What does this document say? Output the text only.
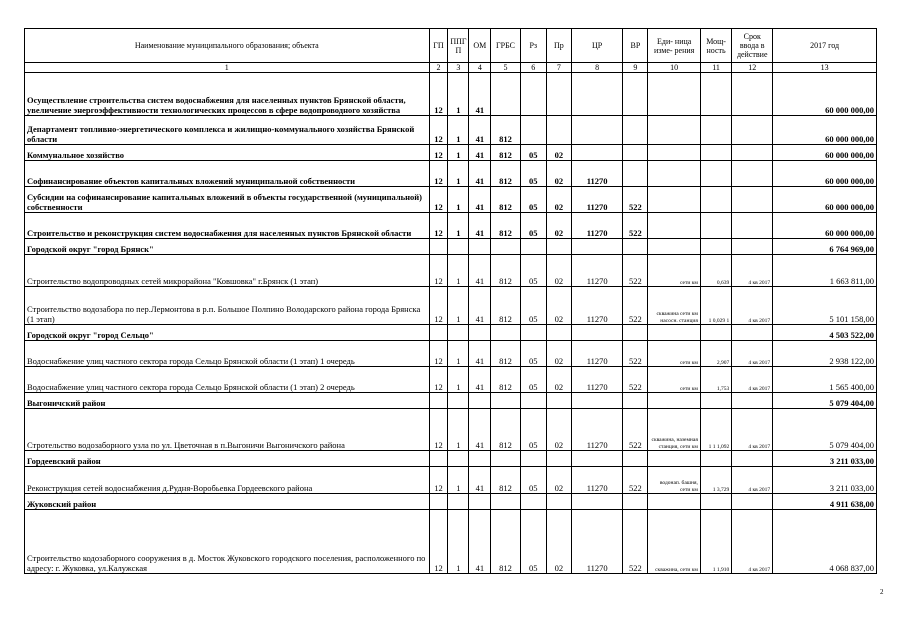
Наименование муниципального образования; объекта	ГП	ППГ П	ОМ	ГРБС	Рз	Пр	ЦР	ВР	Еди- ница изме- рения	Мощ- ность	Срок ввода в действие	2017 год
1	2	3	4	5	6	7	8	9	10	11	12	13
Осуществление строительства систем водоснабжения для населенных пунктов Брянской области, увеличение энергоэффективности технологических процессов в сфере водопроводного хозяйства	12	1	41									60 000 000,00
Департамент топливно-энергетического комплекса и жилищно-коммунального хозяйства Брянской области	12	1	41	812								60 000 000,00
Коммунальное хозяйство	12	1	41	812	05	02						60 000 000,00
Софинансирование объектов капитальных вложений муниципальной собственности	12	1	41	812	05	02	11270					60 000 000,00
Субсидии на софинансирование капитальных вложений в объекты государственной (муниципальной) собственности	12	1	41	812	05	02	11270	522				60 000 000,00
Строительство и реконструкция систем водоснабжения для населенных пунктов Брянской области	12	1	41	812	05	02	11270	522				60 000 000,00
Городской округ "город Брянск"												6 764 969,00
Строительство водопроводных сетей микрорайона "Ковшовка" г.Брянск (1 этап)	12	1	41	812	05	02	11270	522	сети км	0,639	4 кв 2017	1 663 811,00
Строительство водозабора по пер.Лермонтова в р.п. Большое Полпино Володарского района города Брянска (1 этап)	12	1	41	812	05	02	11270	522	скважина сети км насосн. станция	1 0,029 1	4 кв 2017	5 101 158,00
Городской округ "город Сельцо"												4 503 522,00
Водоснабжение улиц частного сектора города Сельцо Брянской области (1 этап) 1 очередь	12	1	41	812	05	02	11270	522	сети км	2,907	4 кв 2017	2 938 122,00
Водоснабжение улиц частного сектора города Сельцо Брянской области (1 этап) 2 очередь	12	1	41	812	05	02	11270	522	сети км	1,753	4 кв 2017	1 565 400,00
Выгоничский район												5 079 404,00
Стротельство водозаборного узла по ул. Цветочная в п.Выгоничи Выгоничского района	12	1	41	812	05	02	11270	522	скважина, наземная станция, сети км	1 1 1,092	4 кв 2017	5 079 404,00
Гордеевский район												3 211 033,00
Реконструкция сетей водоснабжения д.Рудня-Воробьевка Гордеевского района	12	1	41	812	05	02	11270	522	водонап. башня, сети км	1 3,729	4 кв 2017	3 211 033,00
Жуковский район												4 911 638,00
Строительство кодозаборного сооружения в д. Мосток Жуковского городского поселения, расположенного по адресу: г. Жуковка, ул.Калужская	12	1	41	812	05	02	11270	522	скважина, сети км	1 1,910	4 кв 2017	4 068 837,00
2
